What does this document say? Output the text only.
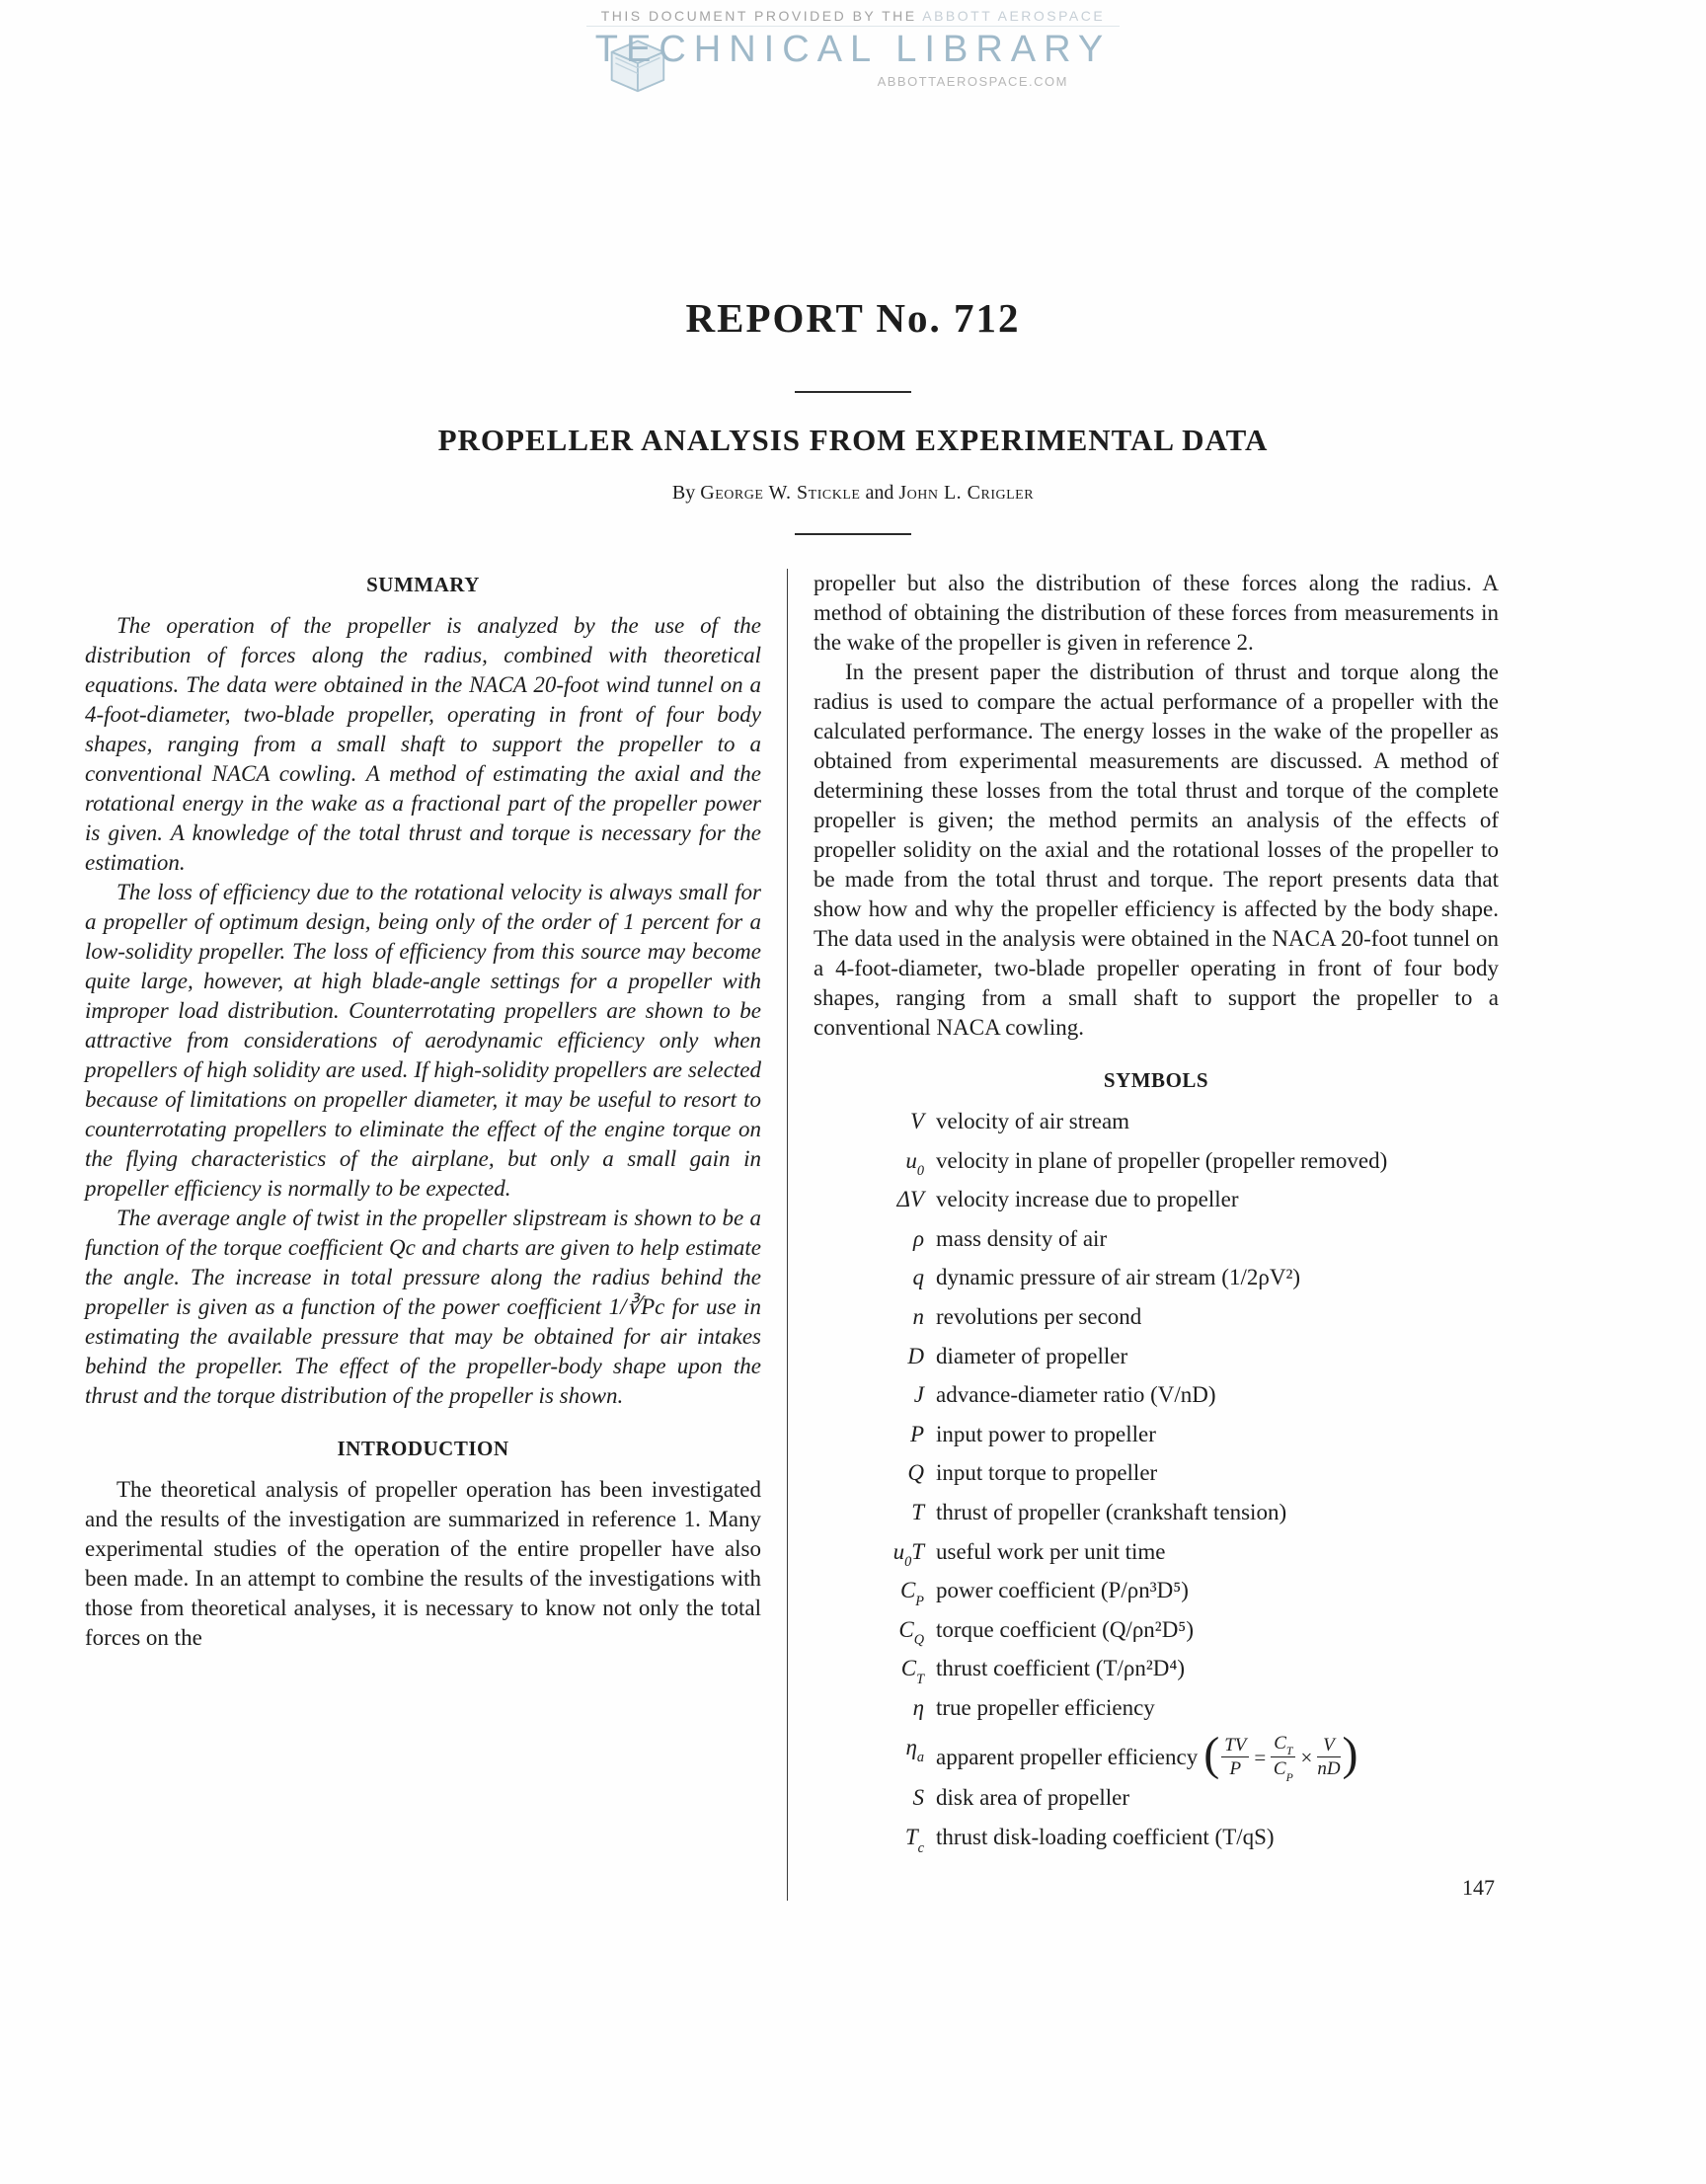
THIS DOCUMENT PROVIDED BY THE ABBOTT AEROSPACE
TECHNICAL LIBRARY
ABBOTTAEROSPACE.COM
REPORT No. 712
PROPELLER ANALYSIS FROM EXPERIMENTAL DATA
By George W. Stickle and John L. Crigler
SUMMARY

The operation of the propeller is analyzed by the use of the distribution of forces along the radius, combined with theoretical equations. The data were obtained in the NACA 20-foot wind tunnel on a 4-foot-diameter, two-blade propeller, operating in front of four body shapes, ranging from a small shaft to support the propeller to a conventional NACA cowling. A method of estimating the axial and the rotational energy in the wake as a fractional part of the propeller power is given. A knowledge of the total thrust and torque is necessary for the estimation.

The loss of efficiency due to the rotational velocity is always small for a propeller of optimum design, being only of the order of 1 percent for a low-solidity propeller. The loss of efficiency from this source may become quite large, however, at high blade-angle settings for a propeller with improper load distribution. Counterrotating propellers are shown to be attractive from considerations of aerodynamic efficiency only when propellers of high solidity are used. If high-solidity propellers are selected because of limitations on propeller diameter, it may be useful to resort to counterrotating propellers to eliminate the effect of the engine torque on the flying characteristics of the airplane, but only a small gain in propeller efficiency is normally to be expected.

The average angle of twist in the propeller slipstream is shown to be a function of the torque coefficient Qc and charts are given to help estimate the angle. The increase in total pressure along the radius behind the propeller is given as a function of the power coefficient 1/∛Pc for use in estimating the available pressure that may be obtained for air intakes behind the propeller. The effect of the propeller-body shape upon the thrust and the torque distribution of the propeller is shown.

INTRODUCTION

The theoretical analysis of propeller operation has been investigated and the results of the investigation are summarized in reference 1. Many experimental studies of the operation of the entire propeller have also been made. In an attempt to combine the results of the investigations with those from theoretical analyses, it is necessary to know not only the total forces on the

propeller but also the distribution of these forces along the radius. A method of obtaining the distribution of these forces from measurements in the wake of the propeller is given in reference 2.

In the present paper the distribution of thrust and torque along the radius is used to compare the actual performance of a propeller with the calculated performance. The energy losses in the wake of the propeller as obtained from experimental measurements are discussed. A method of determining these losses from the total thrust and torque of the complete propeller is given; the method permits an analysis of the effects of propeller solidity on the axial and the rotational losses of the propeller to be made from the total thrust and torque. The report presents data that show how and why the propeller efficiency is affected by the body shape. The data used in the analysis were obtained in the NACA 20-foot tunnel on a 4-foot-diameter, two-blade propeller operating in front of four body shapes, ranging from a small shaft to support the propeller to a conventional NACA cowling.

SYMBOLS
V velocity of air stream
$u_0$ velocity in plane of propeller (propeller removed)
ΔV velocity increase due to propeller
ρ mass density of air
q dynamic pressure of air stream (1/2ρV²)
n revolutions per second
D diameter of propeller
J advance-diameter ratio (V/nD)
P input power to propeller
Q input torque to propeller
T thrust of propeller (crankshaft tension)
$u_0T$ useful work per unit time
$C_P$ power coefficient (P/ρn³D⁵)
$C_Q$ torque coefficient (Q/ρn²D⁵)
$C_T$ thrust coefficient (T/ρn²D⁴)
η true propeller efficiency
$\eta_a$ apparent propeller efficiency ( $\frac{TV}{P} = \frac{C_T}{C_P} \times \frac{V}{nD}$ )
S disk area of propeller
$T_c$ thrust disk-loading coefficient (T/qS)
147
